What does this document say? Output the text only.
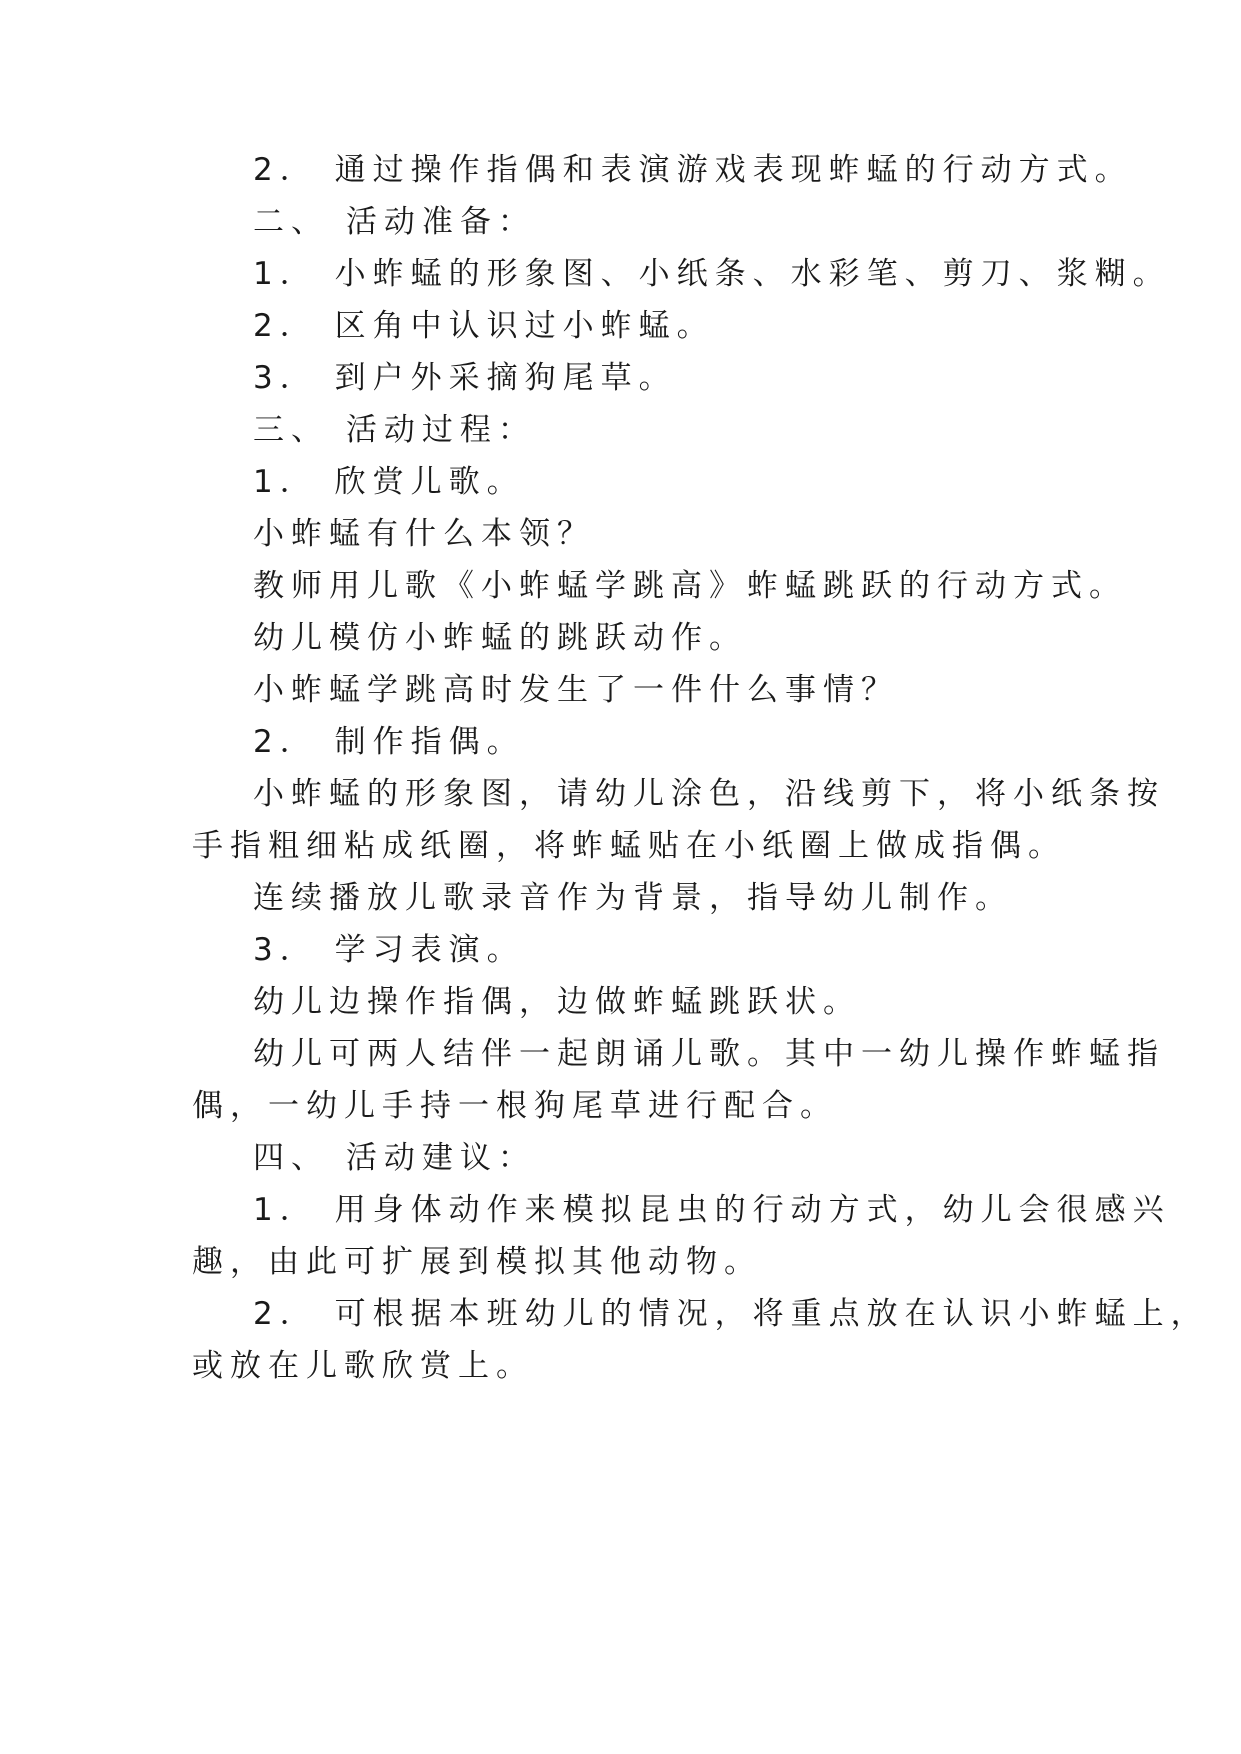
2． 通过操作指偶和表演游戏表现蚱蜢的行动方式。
二、 活动准备：
1． 小蚱蜢的形象图、小纸条、水彩笔、剪刀、浆糊。
2． 区角中认识过小蚱蜢。
3． 到户外采摘狗尾草。
三、 活动过程：
1． 欣赏儿歌。
小蚱蜢有什么本领？
教师用儿歌《小蚱蜢学跳高》蚱蜢跳跃的行动方式。
幼儿模仿小蚱蜢的跳跃动作。
小蚱蜢学跳高时发生了一件什么事情？
2． 制作指偶。
小蚱蜢的形象图，请幼儿涂色，沿线剪下，将小纸条按
手指粗细粘成纸圈，将蚱蜢贴在小纸圈上做成指偶。
连续播放儿歌录音作为背景，指导幼儿制作。
3． 学习表演。
幼儿边操作指偶，边做蚱蜢跳跃状。
幼儿可两人结伴一起朗诵儿歌。其中一幼儿操作蚱蜢指
偶，一幼儿手持一根狗尾草进行配合。
四、 活动建议：
1． 用身体动作来模拟昆虫的行动方式，幼儿会很感兴
趣，由此可扩展到模拟其他动物。
2． 可根据本班幼儿的情况，将重点放在认识小蚱蜢上，
或放在儿歌欣赏上。
